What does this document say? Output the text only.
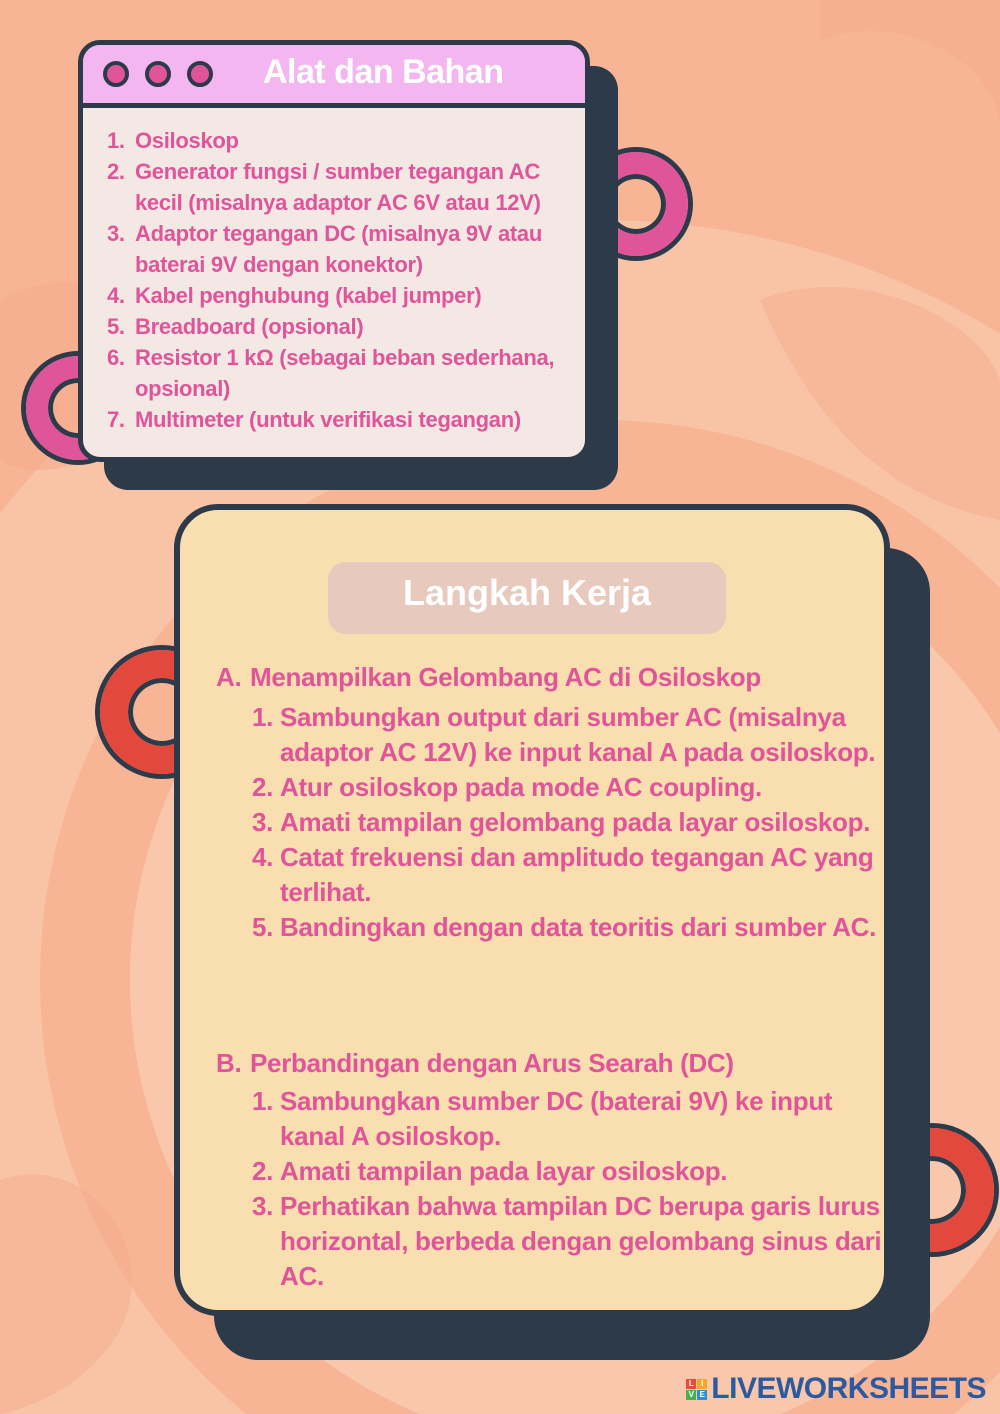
Alat dan Bahan
1. Osiloskop
2. Generator fungsi / sumber tegangan AC kecil (misalnya adaptor AC 6V atau 12V)
3. Adaptor tegangan DC (misalnya 9V atau baterai 9V dengan konektor)
4. Kabel penghubung (kabel jumper)
5. Breadboard (opsional)
6. Resistor 1 kΩ (sebagai beban sederhana, opsional)
7. Multimeter (untuk verifikasi tegangan)
Langkah Kerja
A. Menampilkan Gelombang AC di Osiloskop
1. Sambungkan output dari sumber AC (misalnya adaptor AC 12V) ke input kanal A pada osiloskop.
2. Atur osiloskop pada mode AC coupling.
3. Amati tampilan gelombang pada layar osiloskop.
4. Catat frekuensi dan amplitudo tegangan AC yang terlihat.
5. Bandingkan dengan data teoritis dari sumber AC.
B. Perbandingan dengan Arus Searah (DC)
1. Sambungkan sumber DC (baterai 9V) ke input kanal A osiloskop.
2. Amati tampilan pada layar osiloskop.
3. Perhatikan bahwa tampilan DC berupa garis lurus horizontal, berbeda dengan gelombang sinus dari AC.
L I
V E LIVEWORKSHEETS
